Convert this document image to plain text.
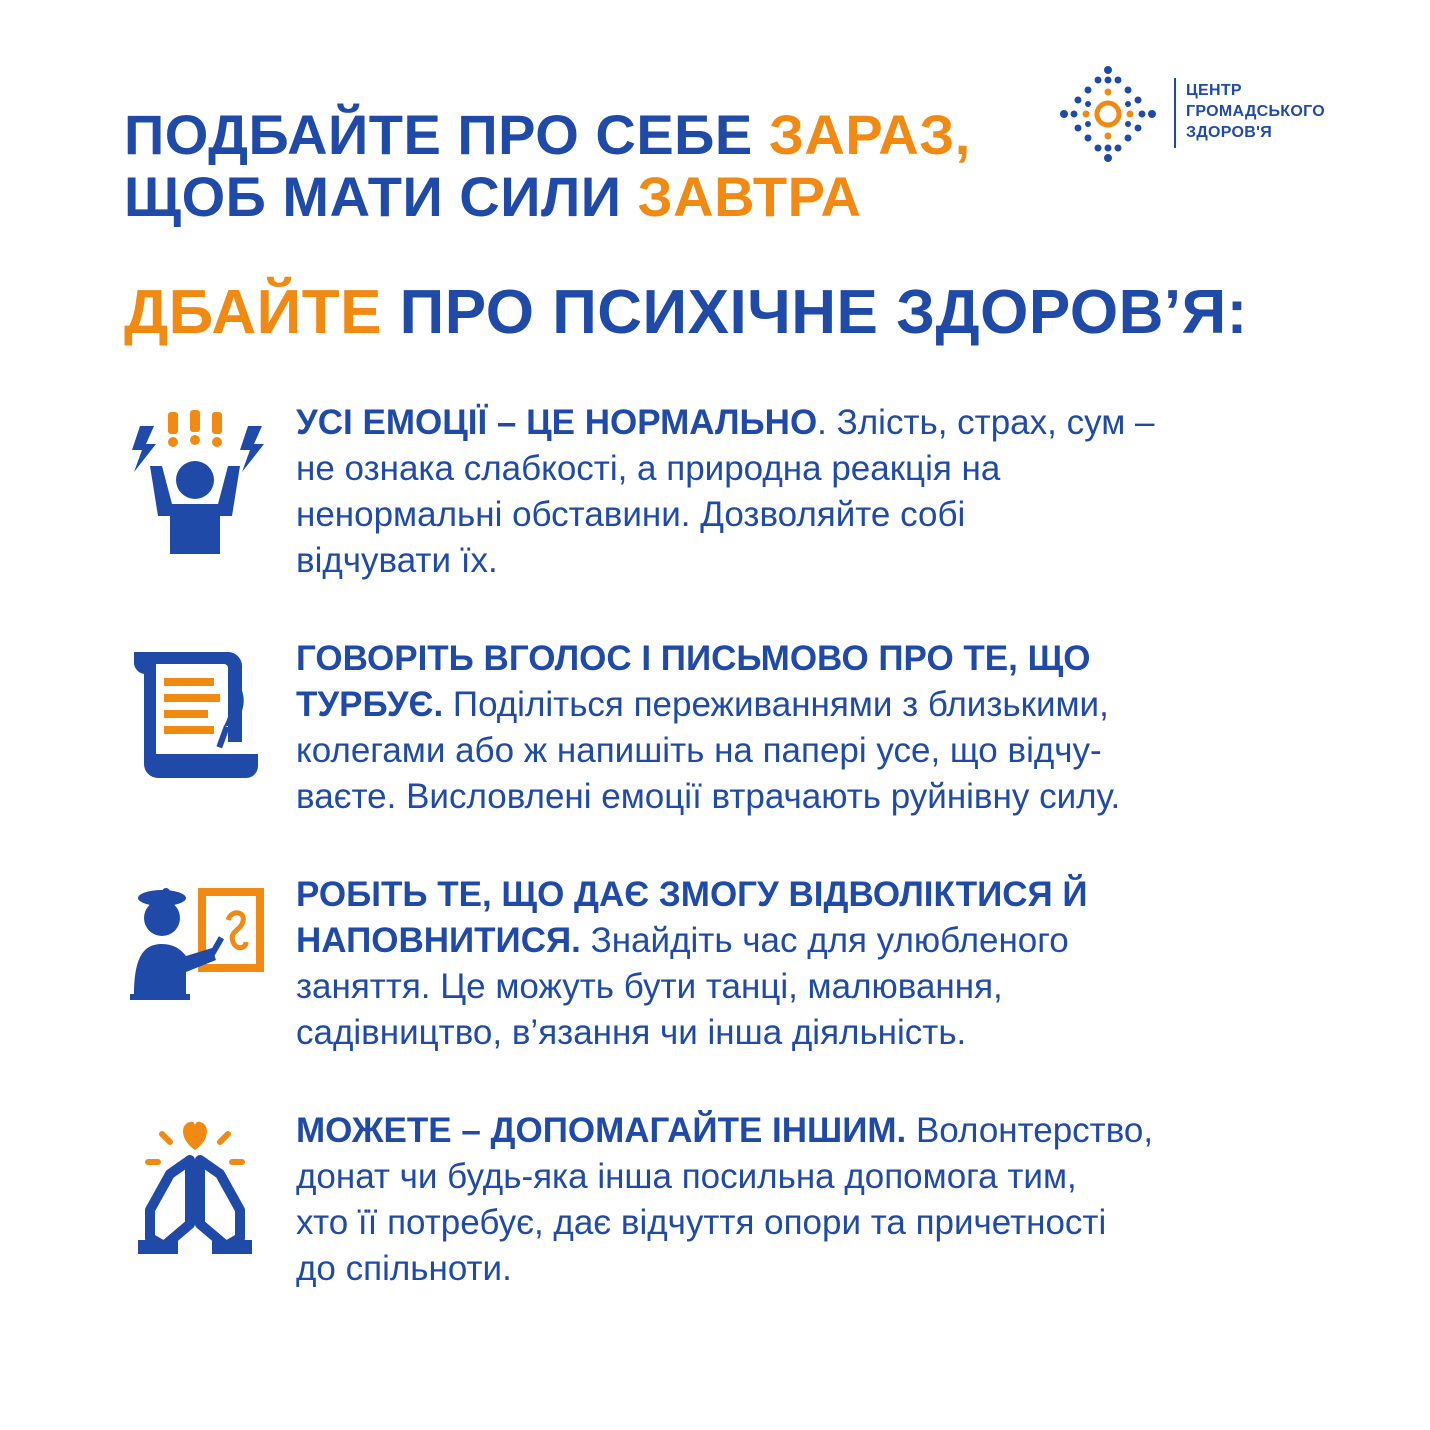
ПОДБАЙТЕ ПРО СЕБЕ ЗАРАЗ,
ЩОБ МАТИ СИЛИ ЗАВТРА
ЦЕНТР
ГРОМАДСЬКОГО
ЗДОРОВ'Я
ДБАЙТЕ ПРО ПСИХІЧНЕ ЗДОРОВ’Я:
УСІ ЕМОЦІЇ – ЦЕ НОРМАЛЬНО. Злість, страх, сум –
не ознака слабкості, а природна реакція на
ненормальні обставини. Дозволяйте собі
відчувати їх.
ГОВОРІТЬ ВГОЛОС І ПИСЬМОВО ПРО ТЕ, ЩО
ТУРБУЄ. Поділіться переживаннями з близькими,
колегами або ж напишіть на папері усе, що відчу-
ваєте. Висловлені емоції втрачають руйнівну силу.
РОБІТЬ ТЕ, ЩО ДАЄ ЗМОГУ ВІДВОЛІКТИСЯ Й
НАПОВНИТИСЯ. Знайдіть час для улюбленого
заняття. Це можуть бути танці, малювання,
садівництво, в’язання чи інша діяльність.
МОЖЕТЕ – ДОПОМАГАЙТЕ ІНШИМ. Волонтерство,
донат чи будь-яка інша посильна допомога тим,
хто її потребує, дає відчуття опори та причетності
до спільноти.
